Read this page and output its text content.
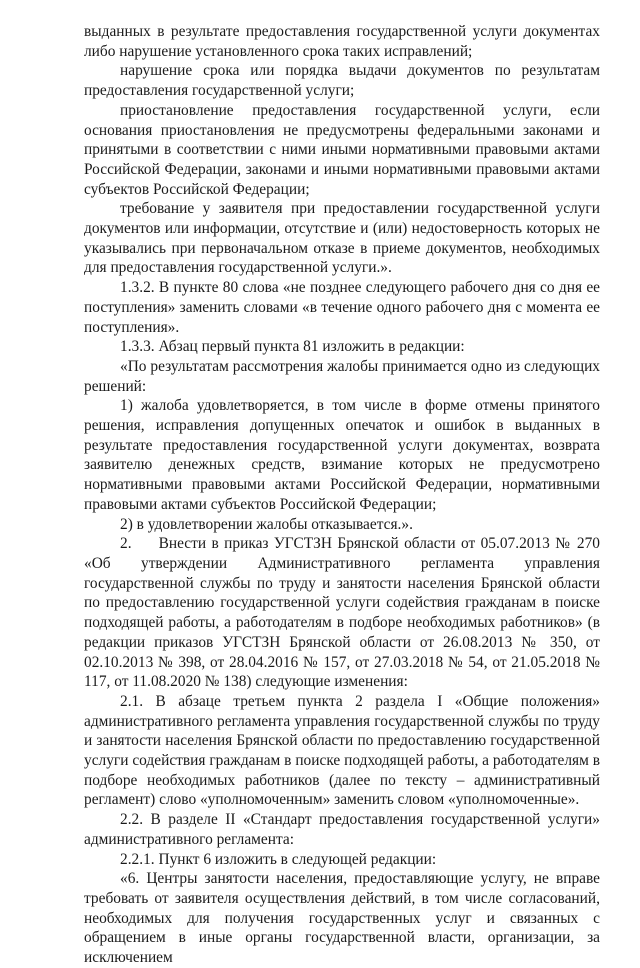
выданных в результате предоставления государственной услуги документах либо нарушение установленного срока таких исправлений;

нарушение срока или порядка выдачи документов по результатам предоставления государственной услуги;

приостановление предоставления государственной услуги, если основания приостановления не предусмотрены федеральными законами и принятыми в соответствии с ними иными нормативными правовыми актами Российской Федерации, законами и иными нормативными правовыми актами субъектов Российской Федерации;

требование у заявителя при предоставлении государственной услуги документов или информации, отсутствие и (или) недостоверность которых не указывались при первоначальном отказе в приеме документов, необходимых для предоставления государственной услуги.».

1.3.2. В пункте 80 слова «не позднее следующего рабочего дня со дня ее поступления» заменить словами «в течение одного рабочего дня с момента ее поступления».

1.3.3. Абзац первый пункта 81 изложить в редакции:

«По результатам рассмотрения жалобы принимается одно из следующих решений:

1) жалоба удовлетворяется, в том числе в форме отмены принятого решения, исправления допущенных опечаток и ошибок в выданных в результате предоставления государственной услуги документах, возврата заявителю денежных средств, взимание которых не предусмотрено нормативными правовыми актами Российской Федерации, нормативными правовыми актами субъектов Российской Федерации;

2) в удовлетворении жалобы отказывается.».

2.     Внести в приказ УГСТЗН Брянской области от 05.07.2013 № 270 «Об утверждении Административного регламента управления государственной службы по труду и занятости населения Брянской области по предоставлению государственной услуги содействия гражданам в поиске подходящей работы, а работодателям в подборе необходимых работников» (в редакции приказов УГСТЗН Брянской области от 26.08.2013 № 350, от 02.10.2013 № 398, от 28.04.2016 № 157, от 27.03.2018 № 54, от 21.05.2018 № 117, от 11.08.2020 № 138) следующие изменения:

2.1. В абзаце третьем пункта 2 раздела I «Общие положения» административного регламента управления государственной службы по труду и занятости населения Брянской области по предоставлению государственной услуги содействия гражданам в поиске подходящей работы, а работодателям в подборе необходимых работников (далее по тексту – административный регламент) слово «уполномоченным» заменить словом «уполномоченные».

2.2. В разделе II «Стандарт предоставления государственной услуги» административного регламента:

2.2.1. Пункт 6 изложить в следующей редакции:

«6. Центры занятости населения, предоставляющие услугу, не вправе требовать от заявителя осуществления действий, в том числе согласований, необходимых для получения государственных услуг и связанных с обращением в иные органы государственной власти, организации, за исключением
